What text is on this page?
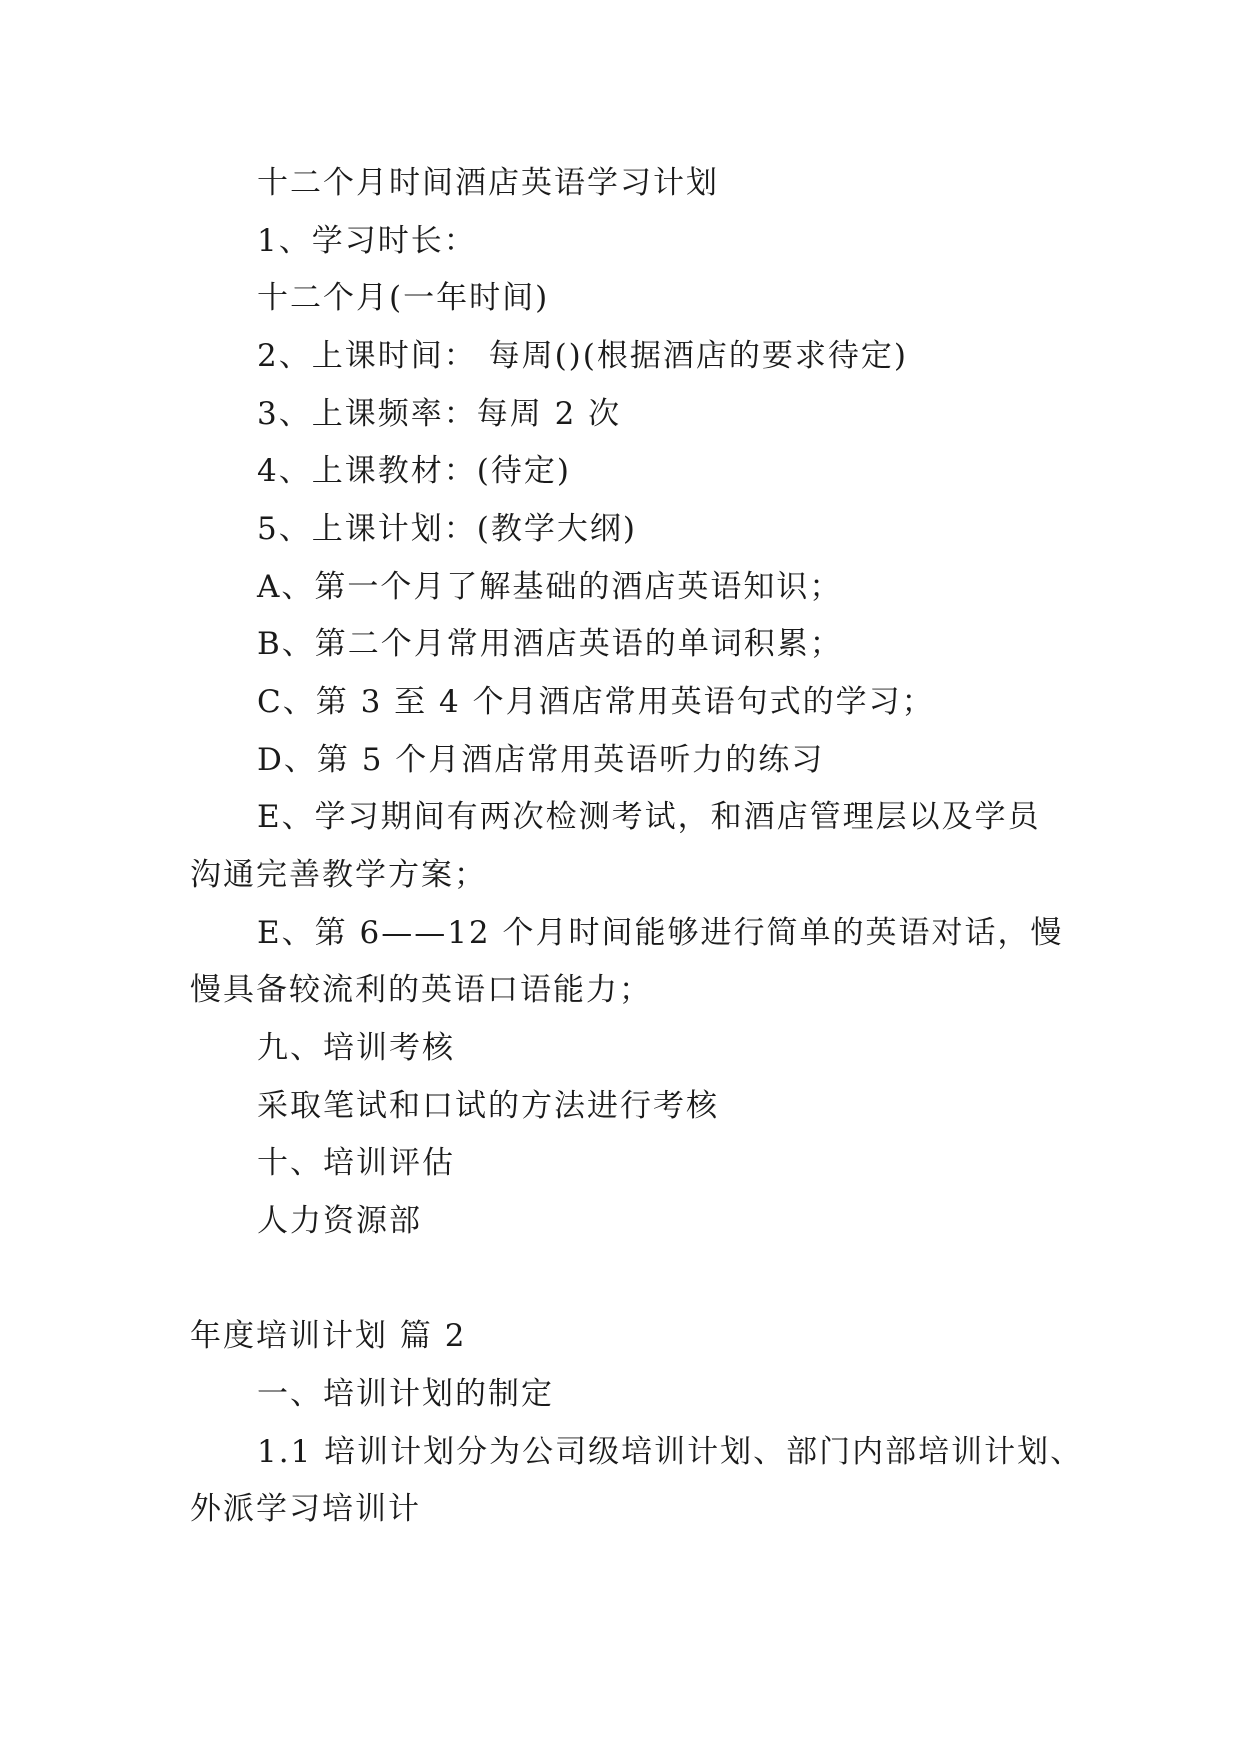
十二个月时间酒店英语学习计划
1、学习时长：
十二个月(一年时间)
2、上课时间： 每周()(根据酒店的要求待定)
3、上课频率：每周 2 次
4、上课教材：(待定)
5、上课计划：(教学大纲)
A、第一个月了解基础的酒店英语知识；
B、第二个月常用酒店英语的单词积累；
C、第 3 至 4 个月酒店常用英语句式的学习；
D、第 5 个月酒店常用英语听力的练习
E、学习期间有两次检测考试，和酒店管理层以及学员
沟通完善教学方案；
E、第 6——12 个月时间能够进行简单的英语对话，慢
慢具备较流利的英语口语能力；
九、培训考核
采取笔试和口试的方法进行考核
十、培训评估
人力资源部
年度培训计划 篇 2
一、培训计划的制定
1.1 培训计划分为公司级培训计划、部门内部培训计划、
外派学习培训计
